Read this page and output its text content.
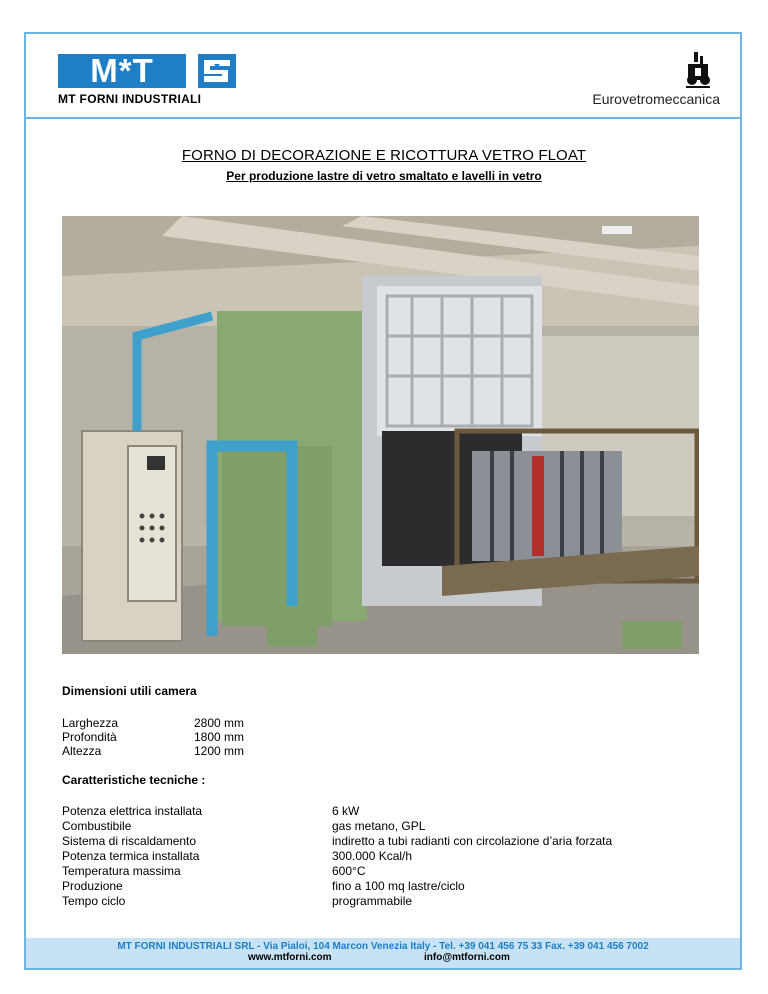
M*T
MT FORNI INDUSTRIALI	Eurovetromeccanica
FORNO DI DECORAZIONE E RICOTTURA VETRO FLOAT
Per produzione lastre di vetro smaltato e lavelli in vetro
Dimensioni utili camera
Larghezza	2800 mm
Profondità	1800 mm
Altezza	1200 mm
Caratteristiche tecniche :
Potenza elettrica installata	6 kW
Combustibile	gas metano, GPL
Sistema di riscaldamento	indiretto a tubi radianti con circolazione d’aria forzata
Potenza termica installata	300.000 Kcal/h
Temperatura massima	600°C
Produzione	fino a 100 mq lastre/ciclo
Tempo ciclo	programmabile
MT FORNI INDUSTRIALI SRL - Via Pialoi, 104 Marcon Venezia Italy - Tel. +39 041 456 75 33 Fax. +39 041 456 7002
www.mtforni.com	info@mtforni.com
